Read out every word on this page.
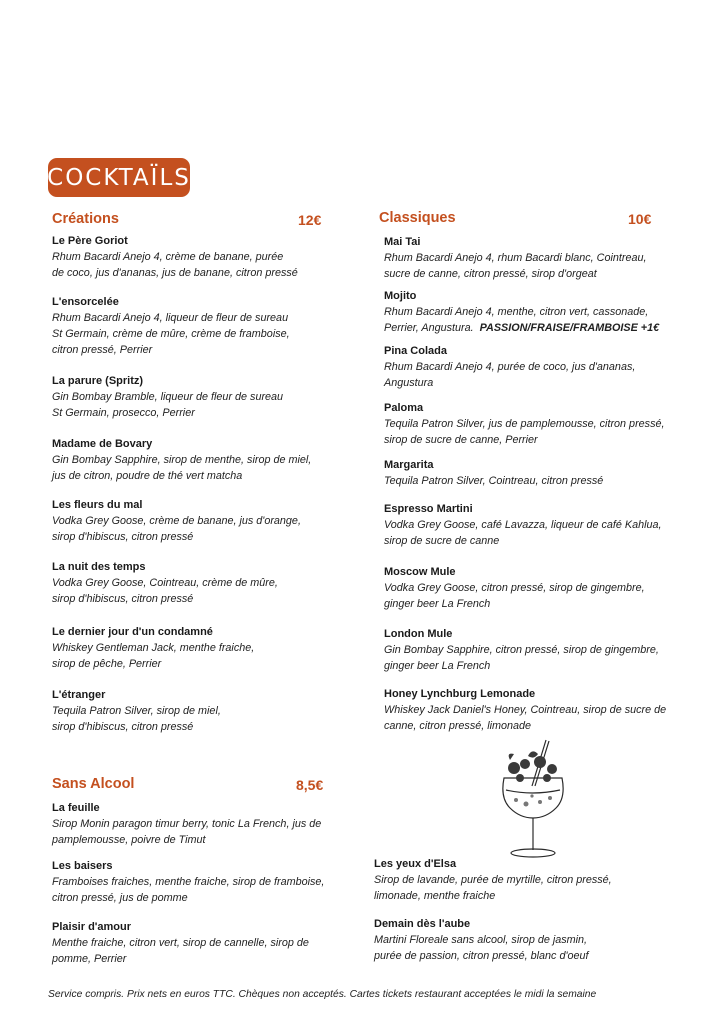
COCKTAÏLS
Créations	12€
Le Père Goriot
Rhum Bacardi Anejo 4, crème de banane, purée
de coco, jus d'ananas, jus de banane, citron pressé
L'ensorcelée
Rhum Bacardi Anejo 4, liqueur de fleur de sureau
St Germain, crème de mûre, crème de framboise,
citron pressé, Perrier
La parure (Spritz)
Gin Bombay Bramble, liqueur de fleur de sureau
St Germain, prosecco, Perrier
Madame de Bovary
Gin Bombay Sapphire, sirop de menthe, sirop de miel,
jus de citron, poudre de thé vert matcha
Les fleurs du mal
Vodka Grey Goose, crème de banane, jus d'orange,
sirop d'hibiscus, citron pressé
La nuit des temps
Vodka Grey Goose, Cointreau, crème de mûre,
sirop d'hibiscus, citron pressé
Le dernier jour d'un condamné
Whiskey Gentleman Jack, menthe fraiche,
sirop de pêche, Perrier
L'étranger
Tequila Patron Silver, sirop de miel,
sirop d'hibiscus, citron pressé
Classiques	10€
Mai Tai
Rhum Bacardi Anejo 4, rhum Bacardi blanc, Cointreau,
sucre de canne, citron pressé, sirop d'orgeat
Mojito
Rhum Bacardi Anejo 4, menthe, citron vert, cassonade,
Perrier, Angustura. PASSION/FRAISE/FRAMBOISE +1€
Pina Colada
Rhum Bacardi Anejo 4, purée de coco, jus d'ananas,
Angustura
Paloma
Tequila Patron Silver, jus de pamplemousse, citron pressé,
sirop de sucre de canne, Perrier
Margarita
Tequila Patron Silver, Cointreau, citron pressé
Espresso Martini
Vodka Grey Goose, café Lavazza, liqueur de café Kahlua,
sirop de sucre de canne
Moscow Mule
Vodka Grey Goose, citron pressé, sirop de gingembre,
ginger beer La French
London Mule
Gin Bombay Sapphire, citron pressé, sirop de gingembre,
ginger beer La French
Honey Lynchburg Lemonade
Whiskey Jack Daniel's Honey, Cointreau, sirop de sucre de
canne, citron pressé, limonade
Sans Alcool	8,5€
La feuille
Sirop Monin paragon timur berry, tonic La French, jus de
pamplemousse, poivre de Timut
Les baisers
Framboises fraiches, menthe fraiche, sirop de framboise,
citron pressé, jus de pomme
Plaisir d'amour
Menthe fraiche, citron vert, sirop de cannelle, sirop de
pomme, Perrier
Les yeux d'Elsa
Sirop de lavande, purée de myrtille, citron pressé,
limonade, menthe fraiche
Demain dès l'aube
Martini Floreale sans alcool, sirop de jasmin,
purée de passion, citron pressé, blanc d'oeuf
Service compris. Prix nets en euros TTC. Chèques non acceptés. Cartes tickets restaurant acceptées le midi la semaine
